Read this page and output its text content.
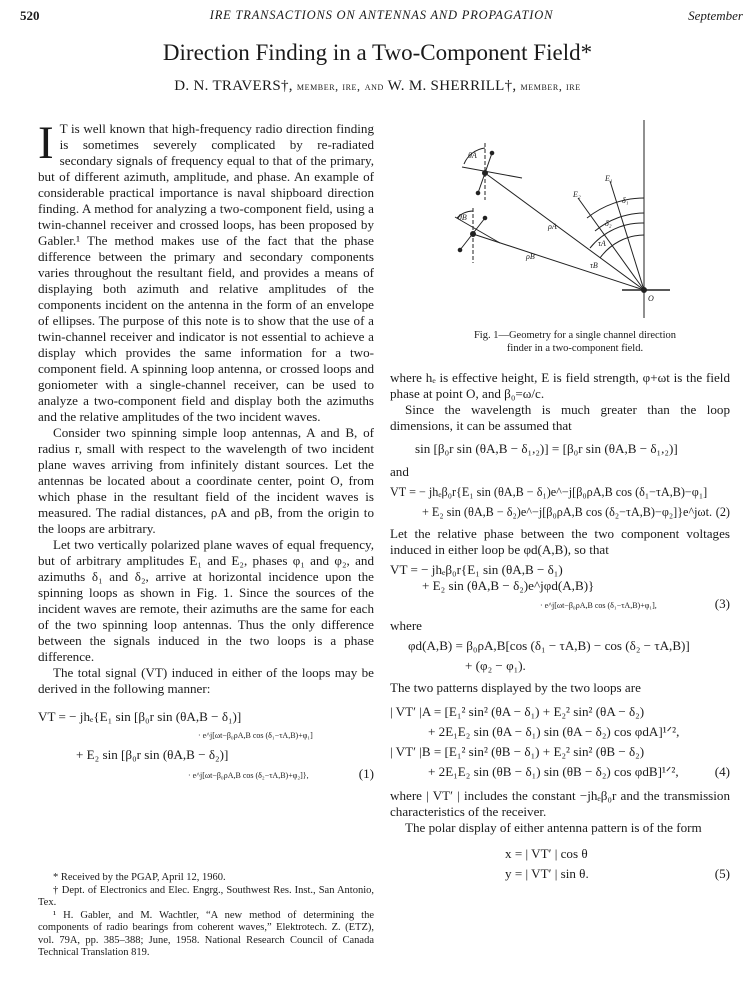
520	IRE TRANSACTIONS ON ANTENNAS AND PROPAGATION	September
Direction Finding in a Two-Component Field*
D. N. TRAVERS†, member, ire, and W. M. SHERRILL†, member, ire

I T is well known that high-frequency radio direction finding is sometimes severely complicated by re-radiated secondary signals of frequency equal to that of the primary, but of different azimuth, amplitude, and phase. An example of considerable practical importance is naval shipboard direction finding. A method for analyzing a two-component field, using a twin-channel receiver and crossed loops, has been proposed by Gabler.¹ The method makes use of the fact that the phase difference between the primary and secondary components varies throughout the resultant field, and provides a means of displaying both azimuth and relative amplitudes of the components incident on the antenna in the form of an envelope of ellipses. The purpose of this note is to show that the use of a twin-channel receiver and indicator is not essential to achieve a display which provides the same information for a two-component field. A spinning loop antenna, or crossed loops and goniometer with a single-channel receiver, can be used to analyze a two-component field and display both the azimuths and the relative amplitudes of the two incident waves.

Consider two spinning simple loop antennas, A and B, of radius r, small with respect to the wavelength of two incident plane waves arriving from infinitely distant sources. Let the antennas be located about a coordinate center, point O, from which phase in the resultant field of the incident waves is measured. The radial distances, ρA and ρB, from the origin to the loops are arbitrary.

Let two vertically polarized plane waves of equal frequency, but of arbitrary amplitudes E₁ and E₂, phases φ₁ and φ₂, and azimuths δ₁ and δ₂, arrive at horizontal incidence upon the spinning loops as shown in Fig. 1. Since the sources of the incident waves are remote, their azimuths are the same for each of the two spinning loop antennas. Thus the only difference between the signals induced in the two loops is a phase difference.

The total signal (VT) induced in either of the loops may be derived in the following manner:

VT = − jhₑ{E₁ sin [β₀r sin (θA,B − δ₁)]
· e^j[ωt−β₀ρA,B cos (δ₁−τA,B)+φ₁]
+ E₂ sin [β₀r sin (θA,B − δ₂)]
· e^j[ωt−β₀ρA,B cos (δ₂−τA,B)+φ₂]},	(1)

* Received by the PGAP, April 12, 1960.

† Dept. of Electronics and Elec. Engrg., Southwest Res. Inst., San Antonio, Tex.

¹ H. Gabler, and M. Wachtler, “A new method of determining the components of radio bearings from coherent waves,” Elektrotech. Z. (ETZ), vol. 79A, pp. 385–388; June, 1958. National Research Council of Canada Technical Translation 819.

O
E₁
E₂
δ₁
δ₂
τA
τB
ρA
ρB
θA
θB
Fig. 1—Geometry for a single channel direction
finder in a two-component field.

where hₑ is effective height, E is field strength, φ+ωt is the field phase at point O, and β₀=ω/c.

Since the wavelength is much greater than the loop dimensions, it can be assumed that

sin [β₀r sin (θA,B − δ₁,₂)] = [β₀r sin (θA,B − δ₁,₂)]

and

VT = − jhₑβ₀r{E₁ sin (θA,B − δ₁)e^−j[β₀ρA,B cos (δ₁−τA,B)−φ₁]
+ E₂ sin (θA,B − δ₂)e^−j[β₀ρA,B cos (δ₂−τA,B)−φ₂]}e^jωt. (2)

Let the relative phase between the two component voltages induced in either loop be φd(A,B), so that

VT = − jhₑβ₀r{E₁ sin (θA,B − δ₁)
+ E₂ sin (θA,B − δ₂)e^jφd(A,B)}
· e^j[ωt−β₀ρA,B cos (δ₁−τA,B)+φ₁],	(3)

where

φd(A,B) = β₀ρA,B[cos (δ₁ − τA,B) − cos (δ₂ − τA,B)]
+ (φ₂ − φ₁).

The two patterns displayed by the two loops are

| VT′ |A = [E₁² sin² (θA − δ₁) + E₂² sin² (θA − δ₂)
+ 2E₁E₂ sin (θA − δ₁) sin (θA − δ₂) cos φdA]¹ᐟ²,
| VT′ |B = [E₁² sin² (θB − δ₁) + E₂² sin² (θB − δ₂)
+ 2E₁E₂ sin (θB − δ₁) sin (θB − δ₂) cos φdB]¹ᐟ²,	(4)

where | VT′ | includes the constant −jhₑβ₀r and the transmission characteristics of the receiver.

The polar display of either antenna pattern is of the form

x = | VT′ | cos θ
y = | VT′ | sin θ.	(5)
